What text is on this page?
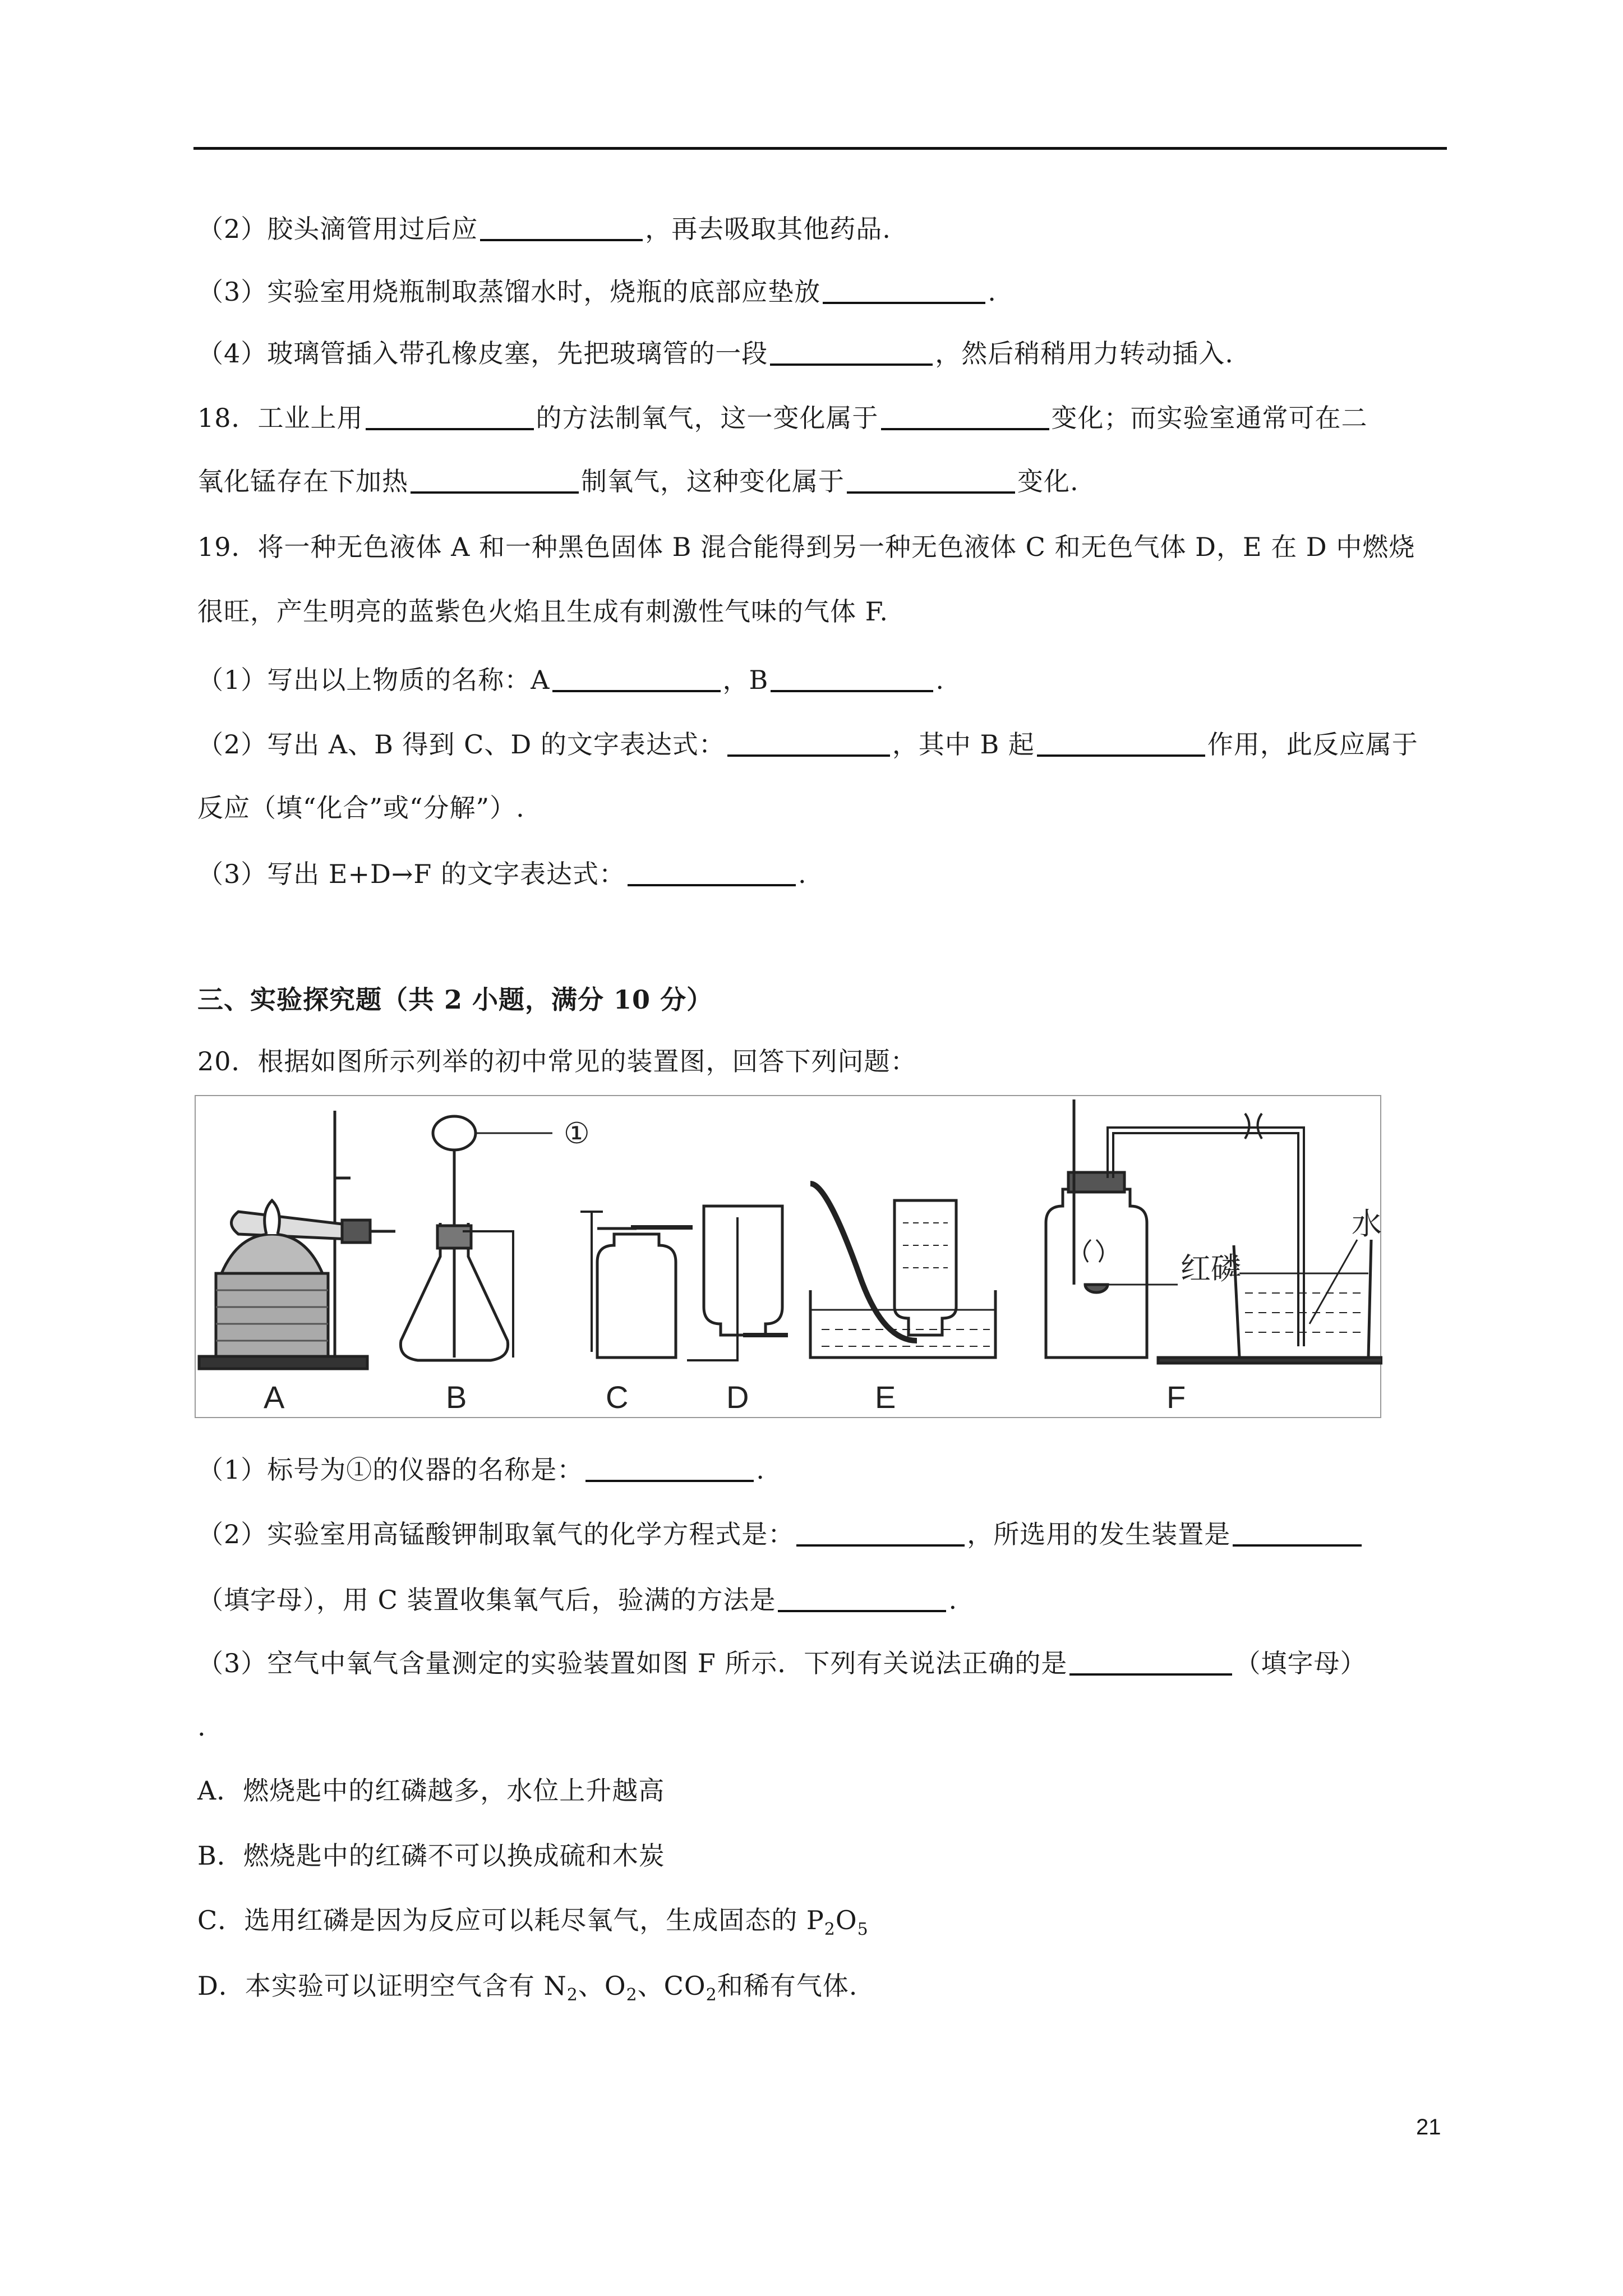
（2）胶头滴管用过后应	，再去吸取其他药品.
（3）实验室用烧瓶制取蒸馏水时，烧瓶的底部应垫放	.
（4）玻璃管插入带孔橡皮塞，先把玻璃管的一段	，然后稍稍用力转动插入.
18．工业上用	的方法制氧气，这一变化属于	变化；而实验室通常可在二
氧化锰存在下加热	制氧气，这种变化属于	变化.
19．将一种无色液体 A 和一种黑色固体 B 混合能得到另一种无色液体 C 和无色气体 D，E 在 D 中燃烧
很旺，产生明亮的蓝紫色火焰且生成有刺激性气味的气体 F.
（1）写出以上物质的名称：A	，B	.
（2）写出 A、B 得到 C、D 的文字表达式：	，其中 B 起	作用，此反应属于
反应（填“化合”或“分解”）.
（3）写出 E+D→F 的文字表达式：	.
三、实验探究题（共 2 小题，满分 10 分）
20．根据如图所示列举的初中常见的装置图，回答下列问题：
①
红磷
水
A	B	C	D	E	F
（1）标号为①的仪器的名称是：	.
（2）实验室用高锰酸钾制取氧气的化学方程式是：	，所选用的发生装置是
（填字母），用 C 装置收集氧气后，验满的方法是	.
（3）空气中氧气含量测定的实验装置如图 F 所示．下列有关说法正确的是	（填字母）
.
A．燃烧匙中的红磷越多，水位上升越高
B．燃烧匙中的红磷不可以换成硫和木炭
C．选用红磷是因为反应可以耗尽氧气，生成固态的 $P_2O_5$
D．本实验可以证明空气含有 $N_2$、$O_2$、$CO_2$和稀有气体.
21
